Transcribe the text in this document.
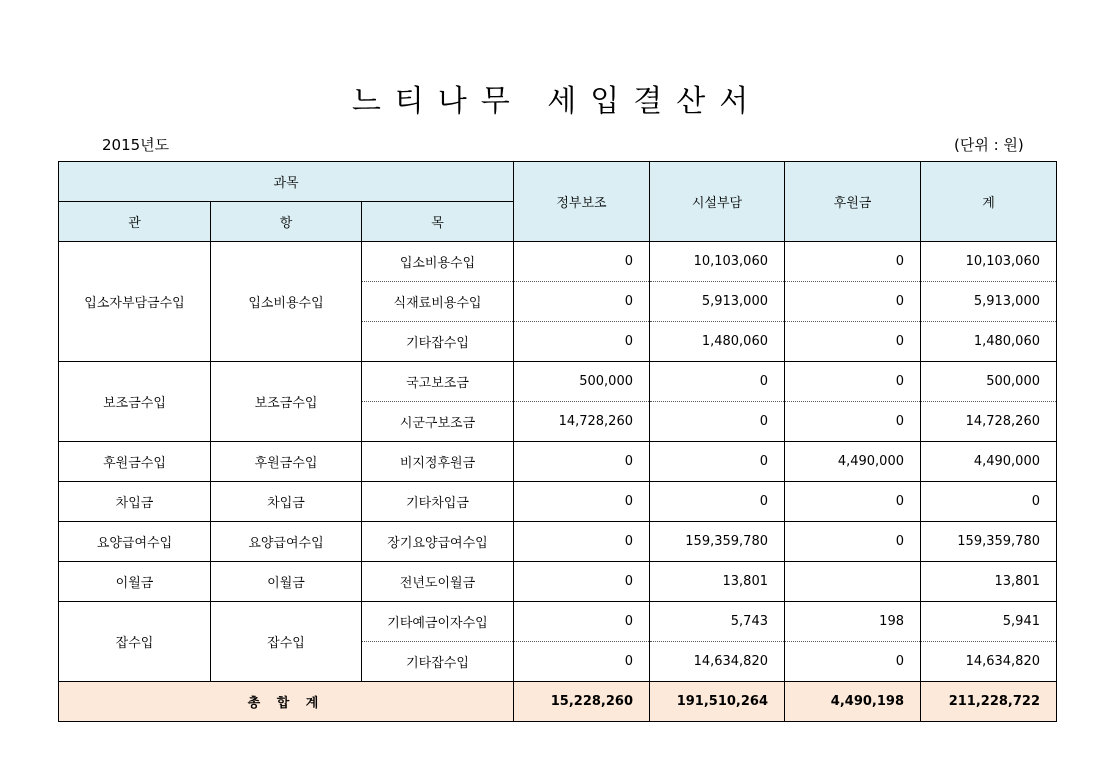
느티나무 세입결산서
2015년도	(단위 : 원)
과목			정부보조	시설부담	후원금	계
관	항	목				
입소자부담금수입	입소비용수입	입소비용수입	0	10,103,060	0	10,103,060
		식재료비용수입	0	5,913,000	0	5,913,000
		기타잡수입	0	1,480,060	0	1,480,060
보조금수입	보조금수입	국고보조금	500,000	0	0	500,000
		시군구보조금	14,728,260	0	0	14,728,260
후원금수입	후원금수입	비지정후원금	0	0	4,490,000	4,490,000
차입금	차입금	기타차입금	0	0	0	0
요양급여수입	요양급여수입	장기요양급여수입	0	159,359,780	0	159,359,780
이월금	이월금	전년도이월금	0	13,801		13,801
잡수입	잡수입	기타예금이자수입	0	5,743	198	5,941
		기타잡수입	0	14,634,820	0	14,634,820
총 합 계			15,228,260	191,510,264	4,490,198	211,228,722
